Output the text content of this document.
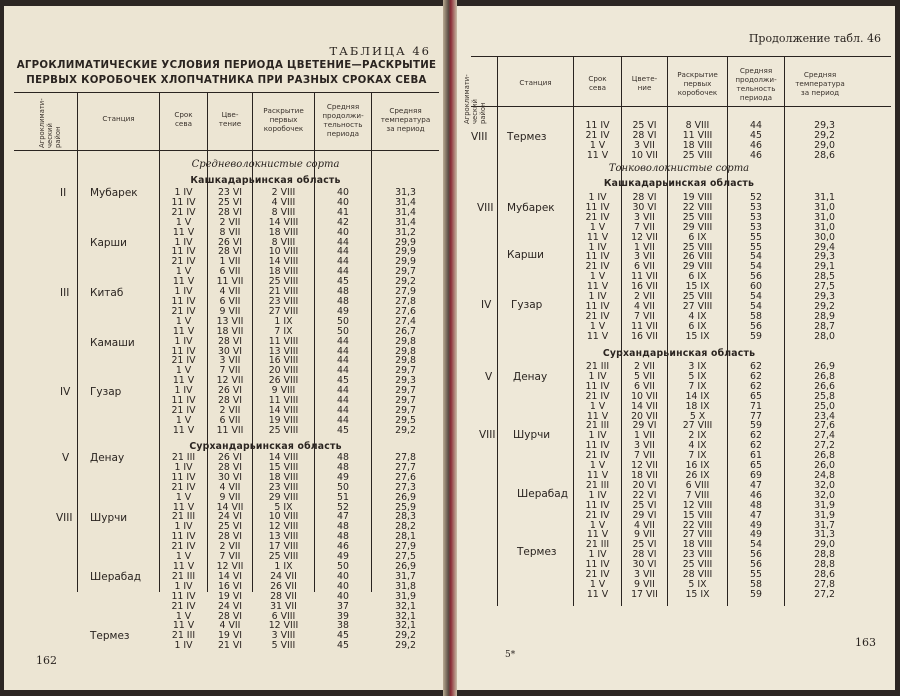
ТАБЛИЦА 46
АГРОКЛИМАТИЧЕСКИЕ УСЛОВИЯ ПЕРИОДА ЦВЕТЕНИЕ—РАСКРЫТИЕ
ПЕРВЫХ КОРОБОЧЕК ХЛОПЧАТНИКА ПРИ РАЗНЫХ СРОКАХ СЕВА
Агроклимати-
ческий
район
Станция	Срок
сева
Цве-
тение
Раскрытие
первых
коробочек
Средняя
продолжи-
тельность
периода
Средняя
температура
за период
Средневолокнистые сорта
Кашкадарьинская область
1 IV
11 IV
21 IV
1 V
11 V
1 IV
11 IV
21 IV
1 V
11 V
1 IV
11 IV
21 IV
1 V
11 V
1 IV
11 IV
21 IV
1 V
11 V
1 IV
11 IV
21 IV
1 V
11 V
23 VI
25 VI
28 VI
2 VII
8 VII
26 VI
28 VI
1 VII
6 VII
11 VII
4 VII
6 VII
9 VII
13 VII
18 VII
28 VI
30 VI
3 VII
7 VII
12 VII
26 VI
28 VI
2 VII
6 VII
11 VII
2 VIII
4 VIII
8 VIII
14 VIII
18 VIII
8 VIII
10 VIII
14 VIII
18 VIII
25 VIII
21 VIII
23 VIII
27 VIII
1 IX
7 IX
11 VIII
13 VIII
16 VIII
20 VIII
26 VIII
9 VIII
11 VIII
14 VIII
19 VIII
25 VIII
40
40
41
42
40
44
44
44
44
45
48
48
49
50
50
44
44
44
44
45
44
44
44
44
45
31,3
31,4
31,4
31,4
31,2
29,9
29,9
29,9
29,7
29,2
27,9
27,8
27,6
27,4
26,7
29,8
29,8
29,8
29,7
29,3
29,7
29,7
29,7
29,5
29,2
Сурхандарьинская область
21 III
1 IV
11 IV
21 IV
1 V
11 V
21 III
1 IV
11 IV
21 IV
1 V
11 V
21 III
1 IV
11 IV
21 IV
1 V
11 V
21 III
1 IV
26 VI
28 VI
30 VI
4 VII
9 VII
14 VII
24 VI
25 VI
28 VI
2 VII
7 VII
12 VII
14 VI
16 VI
19 VI
24 VI
28 VI
4 VII
19 VI
21 VI
14 VIII
15 VIII
18 VIII
23 VIII
29 VIII
5 IX
10 VIII
12 VIII
13 VIII
17 VIII
25 VIII
1 IX
24 VII
26 VII
28 VII
31 VII
6 VIII
12 VIII
3 VIII
5 VIII
48
48
49
50
51
52
47
48
48
46
49
50
40
40
40
37
39
38
45
45
27,8
27,7
27,6
27,3
26,9
25,9
28,3
28,2
28,1
27,9
27,5
26,9
31,7
31,8
31,9
32,1
32,1
32,1
29,2
29,2
II Мубарек
Карши
III Китаб
Камаши
IV Гузар
V Денау
VIII Шурчи
Шерабад
Термез
162
Продолжение табл. 46
Агроклимати-
ческий
район
Станция	Срок
сева
Цвете-
ние
Раскрытие
первых
коробочек
Средняя
продолжи-
тельность
периода
Средняя
температура
за период
11 IV
21 IV
1 V
11 V
25 VI
28 VI
3 VII
10 VII
8 VIII
11 VIII
18 VIII
25 VIII
44
45
46
46
29,3
29,2
29,0
28,6
Тонковолокнистые сорта
Кашкадарьинская область
1 IV
11 IV
21 IV
1 V
11 V
1 IV
11 IV
21 IV
1 V
11 V
1 IV
11 IV
21 IV
1 V
11 V
28 VI
30 VI
3 VII
7 VII
12 VII
1 VII
3 VII
6 VII
11 VII
16 VII
2 VII
4 VII
7 VII
11 VII
16 VII
19 VIII
22 VIII
25 VIII
29 VIII
6 IX
25 VIII
26 VIII
29 VIII
6 IX
15 IX
25 VIII
27 VIII
4 IX
6 IX
15 IX
52
53
53
53
55
55
54
54
56
60
54
54
58
56
59
31,1
31,0
31,0
31,0
30,0
29,4
29,3
29,1
28,5
27,5
29,3
29,2
28,9
28,7
28,0
Сурхандарьинская область
21 III
1 IV
11 IV
21 IV
1 V
11 V
21 III
1 IV
11 IV
21 IV
1 V
11 V
21 III
1 IV
11 IV
21 IV
1 V
11 V
21 III
1 IV
11 IV
21 IV
1 V
11 V
2 VII
5 VII
6 VII
10 VII
14 VII
20 VII
29 VI
1 VII
3 VII
7 VII
12 VII
18 VII
20 VI
22 VI
25 VI
29 VI
4 VII
9 VII
25 VI
28 VI
30 VI
3 VII
9 VII
17 VII
3 IX
5 IX
7 IX
14 IX
18 IX
5 X
27 VIII
2 IX
4 IX
7 IX
16 IX
26 IX
6 VIII
7 VIII
12 VIII
15 VIII
22 VIII
27 VIII
18 VIII
23 VIII
25 VIII
28 VIII
5 IX
15 IX
62
62
62
65
71
77
59
62
62
61
65
69
47
46
48
47
49
49
54
56
56
55
58
59
26,9
26,8
26,6
25,8
25,0
23,4
27,6
27,4
27,2
26,8
26,0
24,8
32,0
32,0
31,9
31,9
31,7
31,3
29,0
28,8
28,8
28,6
27,8
27,2
VIII Термез
VIII Мубарек
Карши
IV Гузар
V Денау
VIII Шурчи
Шерабад
Термез
5*
163
